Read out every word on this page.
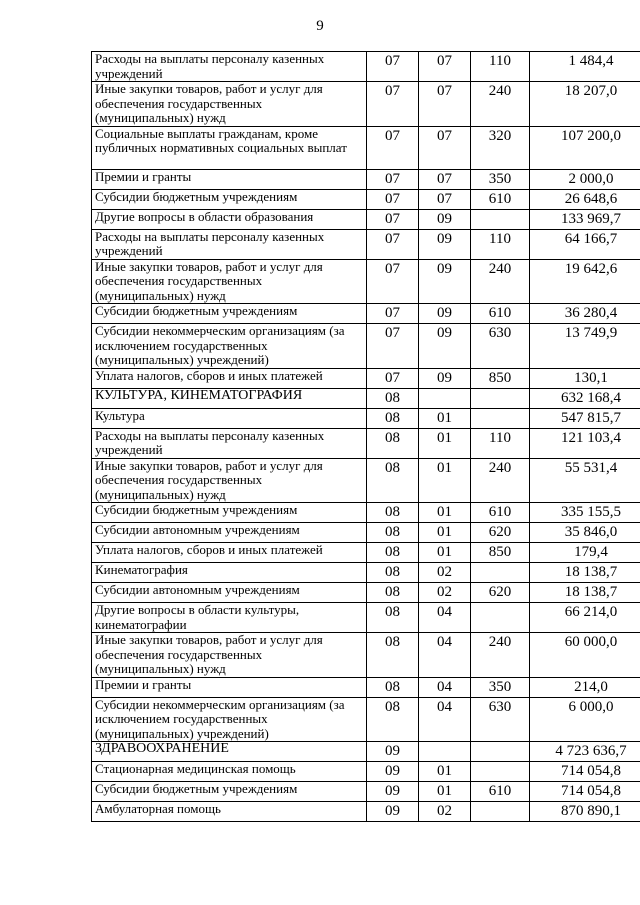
9
Расходы на выплаты персоналу казенных учреждений	07	07	110	1 484,4
Иные закупки товаров, работ и услуг для обеспечения государственных (муниципальных) нужд	07	07	240	18 207,0
Социальные выплаты гражданам, кроме публичных нормативных социальных выплат	07	07	320	107 200,0
Премии и гранты	07	07	350	2 000,0
Субсидии бюджетным учреждениям	07	07	610	26 648,6
Другие вопросы в области образования	07	09		133 969,7
Расходы на выплаты персоналу казенных учреждений	07	09	110	64 166,7
Иные закупки товаров, работ и услуг для обеспечения государственных (муниципальных) нужд	07	09	240	19 642,6
Субсидии бюджетным учреждениям	07	09	610	36 280,4
Субсидии некоммерческим организациям (за исключением государственных (муниципальных) учреждений)	07	09	630	13 749,9
Уплата налогов, сборов и иных платежей	07	09	850	130,1
КУЛЬТУРА, КИНЕМАТОГРАФИЯ	08			632 168,4
Культура	08	01		547 815,7
Расходы на выплаты персоналу казенных учреждений	08	01	110	121 103,4
Иные закупки товаров, работ и услуг для обеспечения государственных (муниципальных) нужд	08	01	240	55 531,4
Субсидии бюджетным учреждениям	08	01	610	335 155,5
Субсидии автономным учреждениям	08	01	620	35 846,0
Уплата налогов, сборов и иных платежей	08	01	850	179,4
Кинематография	08	02		18 138,7
Субсидии автономным учреждениям	08	02	620	18 138,7
Другие вопросы в области культуры, кинематографии	08	04		66 214,0
Иные закупки товаров, работ и услуг для обеспечения государственных (муниципальных) нужд	08	04	240	60 000,0
Премии и гранты	08	04	350	214,0
Субсидии некоммерческим организациям (за исключением государственных (муниципальных) учреждений)	08	04	630	6 000,0
ЗДРАВООХРАНЕНИЕ	09			4 723 636,7
Стационарная медицинская помощь	09	01		714 054,8
Субсидии бюджетным учреждениям	09	01	610	714 054,8
Амбулаторная помощь	09	02		870 890,1
